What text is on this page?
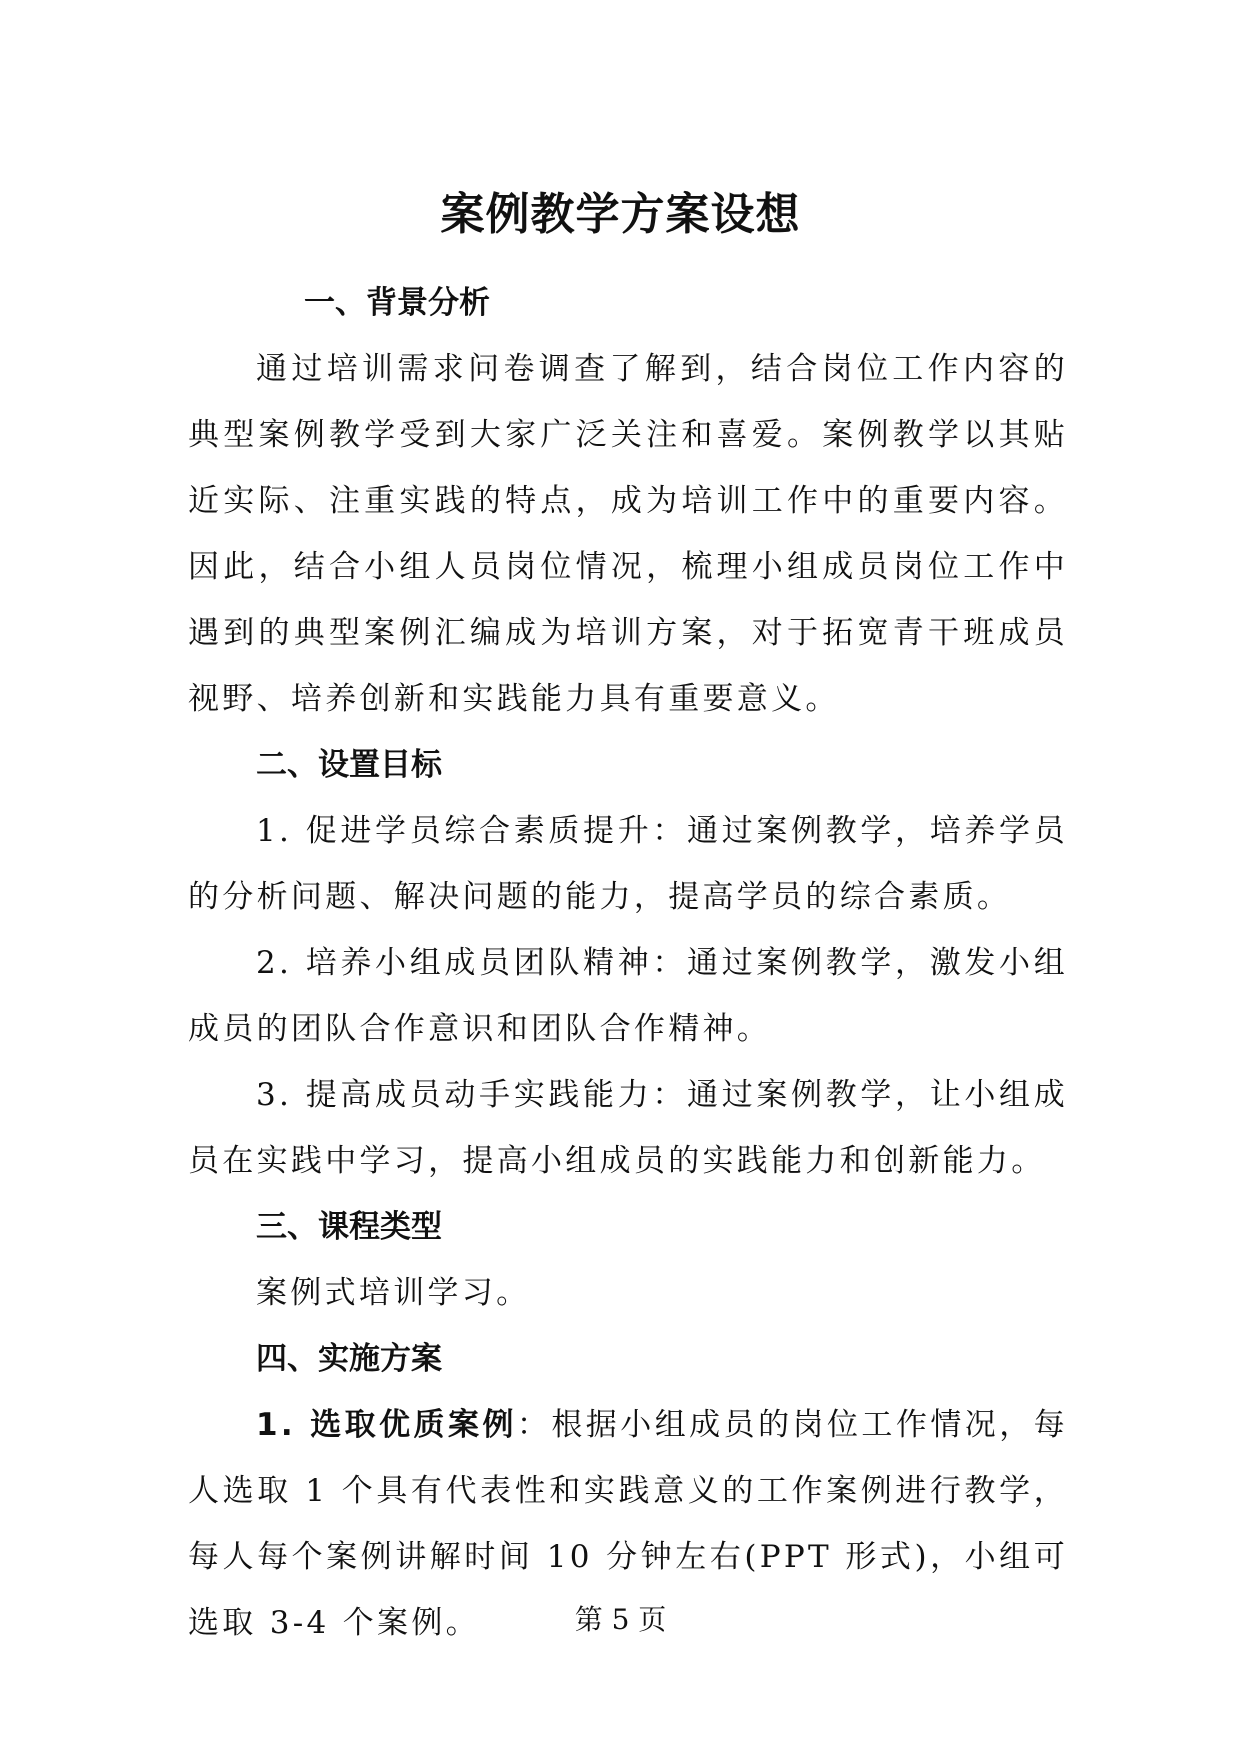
案例教学方案设想
一、背景分析

通过培训需求问卷调查了解到，结合岗位工作内容的典型案例教学受到大家广泛关注和喜爱。案例教学以其贴近实际、注重实践的特点，成为培训工作中的重要内容。因此，结合小组人员岗位情况，梳理小组成员岗位工作中遇到的典型案例汇编成为培训方案，对于拓宽青干班成员视野、培养创新和实践能力具有重要意义。

二、设置目标

1. 促进学员综合素质提升：通过案例教学，培养学员的分析问题、解决问题的能力，提高学员的综合素质。

2. 培养小组成员团队精神：通过案例教学，激发小组成员的团队合作意识和团队合作精神。

3. 提高成员动手实践能力：通过案例教学，让小组成员在实践中学习，提高小组成员的实践能力和创新能力。

三、课程类型

案例式培训学习。

四、实施方案

1. 选取优质案例：根据小组成员的岗位工作情况，每人选取 1 个具有代表性和实践意义的工作案例进行教学，每人每个案例讲解时间 10 分钟左右(PPT 形式)，小组可选取 3-4 个案例。	第 5 页
